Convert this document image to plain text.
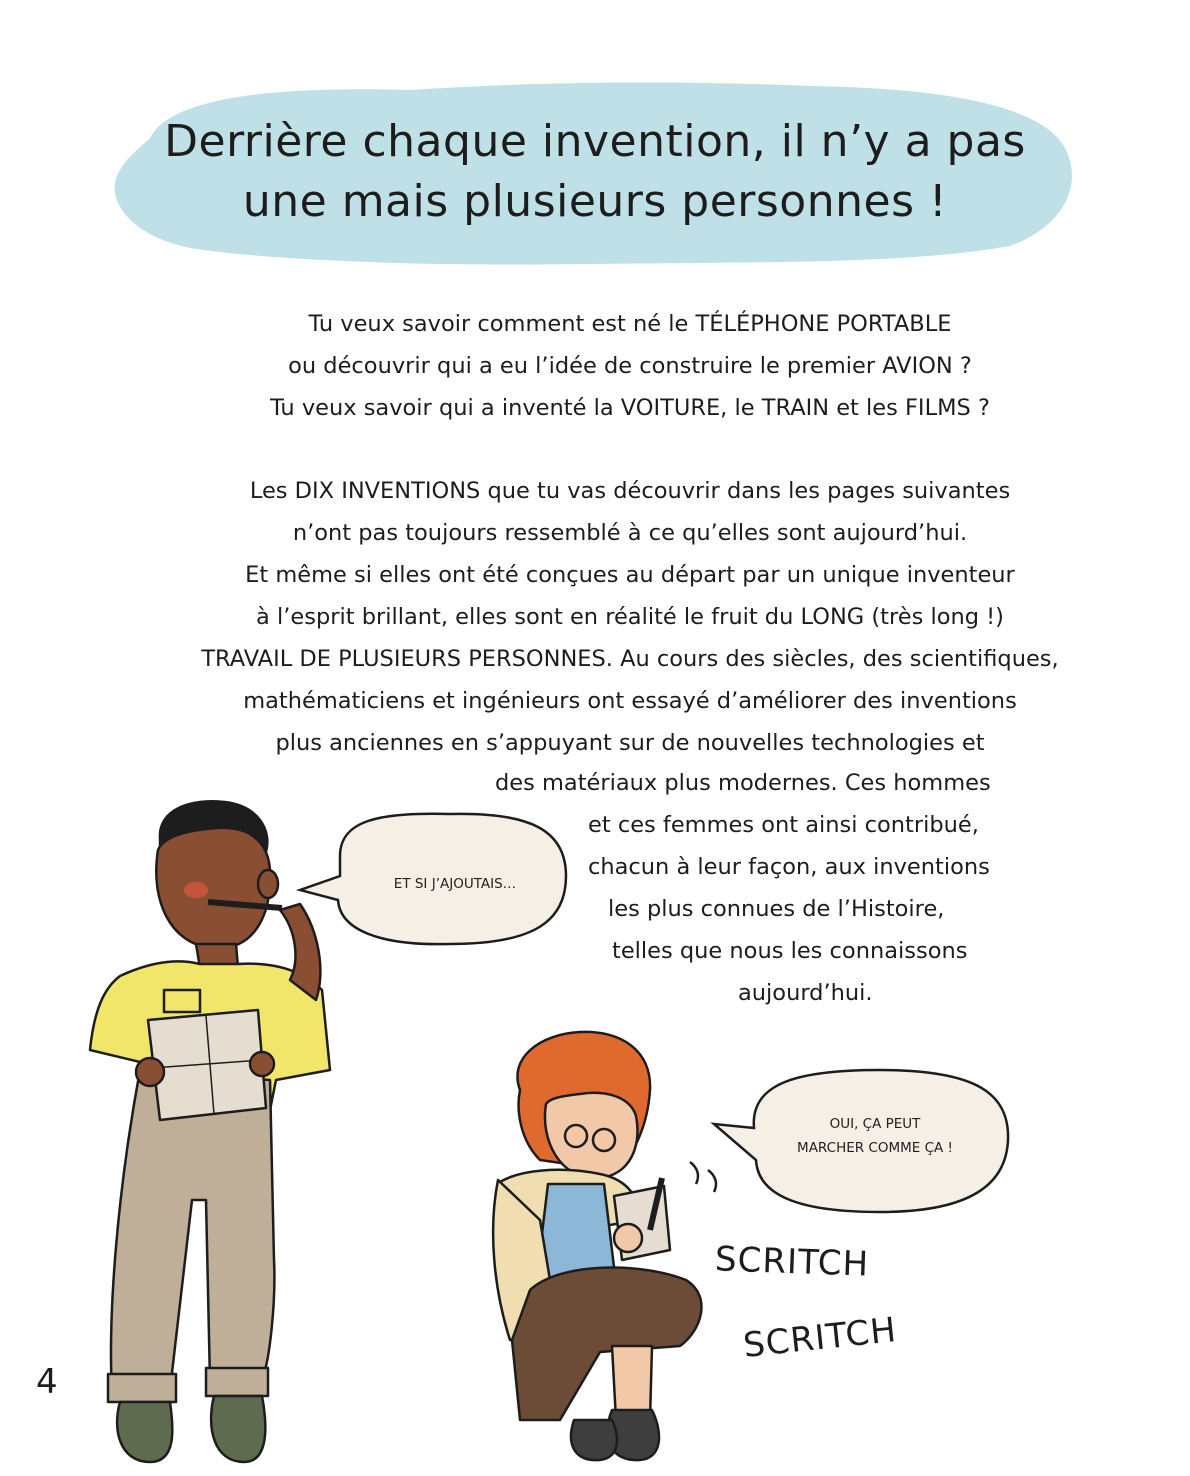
Derrière chaque invention, il n’y a pas
une mais plusieurs personnes !
Tu veux savoir comment est né le TÉLÉPHONE PORTABLE
ou découvrir qui a eu l’idée de construire le premier AVION ?
Tu veux savoir qui a inventé la VOITURE, le TRAIN et les FILMS ?
Les DIX INVENTIONS que tu vas découvrir dans les pages suivantes
n’ont pas toujours ressemblé à ce qu’elles sont aujourd’hui.
Et même si elles ont été conçues au départ par un unique inventeur
à l’esprit brillant, elles sont en réalité le fruit du LONG (très long !)
TRAVAIL DE PLUSIEURS PERSONNES. Au cours des siècles, des scientifiques,
mathématiciens et ingénieurs ont essayé d’améliorer des inventions
plus anciennes en s’appuyant sur de nouvelles technologies et
des matériaux plus modernes. Ces hommes
et ces femmes ont ainsi contribué,
chacun à leur façon, aux inventions
les plus connues de l’Histoire,
telles que nous les connaissons
aujourd’hui.
ET SI J’AJOUTAIS…
OUI, ÇA PEUT
MARCHER COMME ÇA !
SCRITCH
SCRITCH
4
